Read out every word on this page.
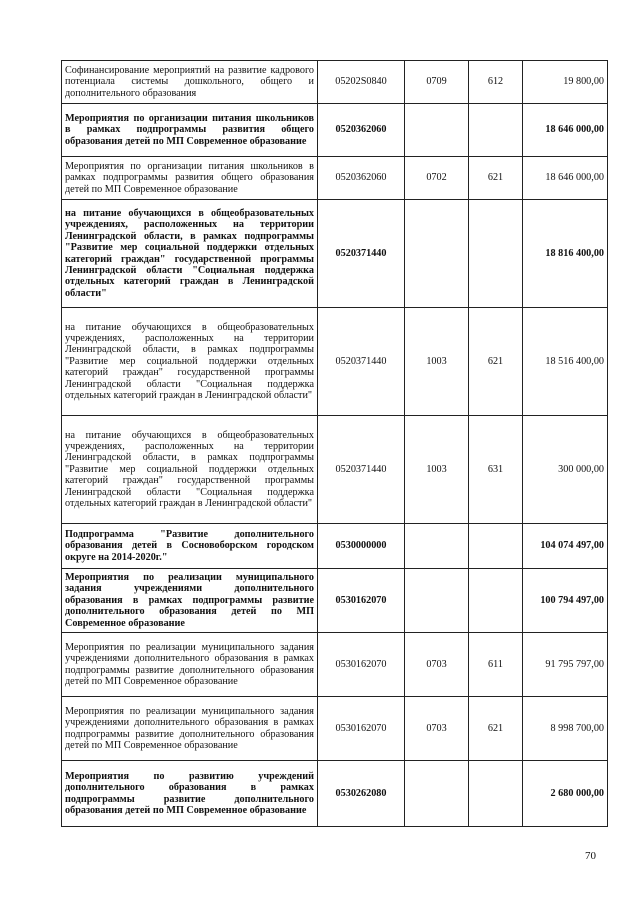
Софинансирование мероприятий на развитие кадрового потенциала системы дошкольного, общего и дополнительного образования	05202S0840	0709	612	19 800,00
Мероприятия по организации питания школьников в рамках подпрограммы развития общего образования детей по МП Современное образование	0520362060			18 646 000,00
Мероприятия по организации питания школьников в рамках подпрограммы развития общего образования детей по МП Современное образование	0520362060	0702	621	18 646 000,00
на питание обучающихся в общеобразовательных учреждениях, расположенных на территории Ленинградской области, в рамках подпрограммы "Развитие мер социальной поддержки отдельных категорий граждан" государственной программы Ленинградской области "Социальная поддержка отдельных категорий граждан в Ленинградской области"	0520371440			18 816 400,00
на питание обучающихся в общеобразовательных учреждениях, расположенных на территории Ленинградской области, в рамках подпрограммы "Развитие мер социальной поддержки отдельных категорий граждан" государственной программы Ленинградской области "Социальная поддержка отдельных категорий граждан в Ленинградской области"	0520371440	1003	621	18 516 400,00
на питание обучающихся в общеобразовательных учреждениях, расположенных на территории Ленинградской области, в рамках подпрограммы "Развитие мер социальной поддержки отдельных категорий граждан" государственной программы Ленинградской области "Социальная поддержка отдельных категорий граждан в Ленинградской области"	0520371440	1003	631	300 000,00
Подпрограмма "Развитие дополнительного образования детей в Сосновоборском городском округе на 2014-2020г."	0530000000			104 074 497,00
Мероприятия по реализации муниципального задания учреждениями дополнительного образования в рамках подпрограммы развитие дополнительного образования детей по МП Современное образование	0530162070			100 794 497,00
Мероприятия по реализации муниципального задания учреждениями дополнительного образования в рамках подпрограммы развитие дополнительного образования детей по МП Современное образование	0530162070	0703	611	91 795 797,00
Мероприятия по реализации муниципального задания учреждениями дополнительного образования в рамках подпрограммы развитие дополнительного образования детей по МП Современное образование	0530162070	0703	621	8 998 700,00
Мероприятия по развитию учреждений дополнительного образования в рамках подпрограммы развитие дополнительного образования детей по МП Современное образование	0530262080			2 680 000,00
70
